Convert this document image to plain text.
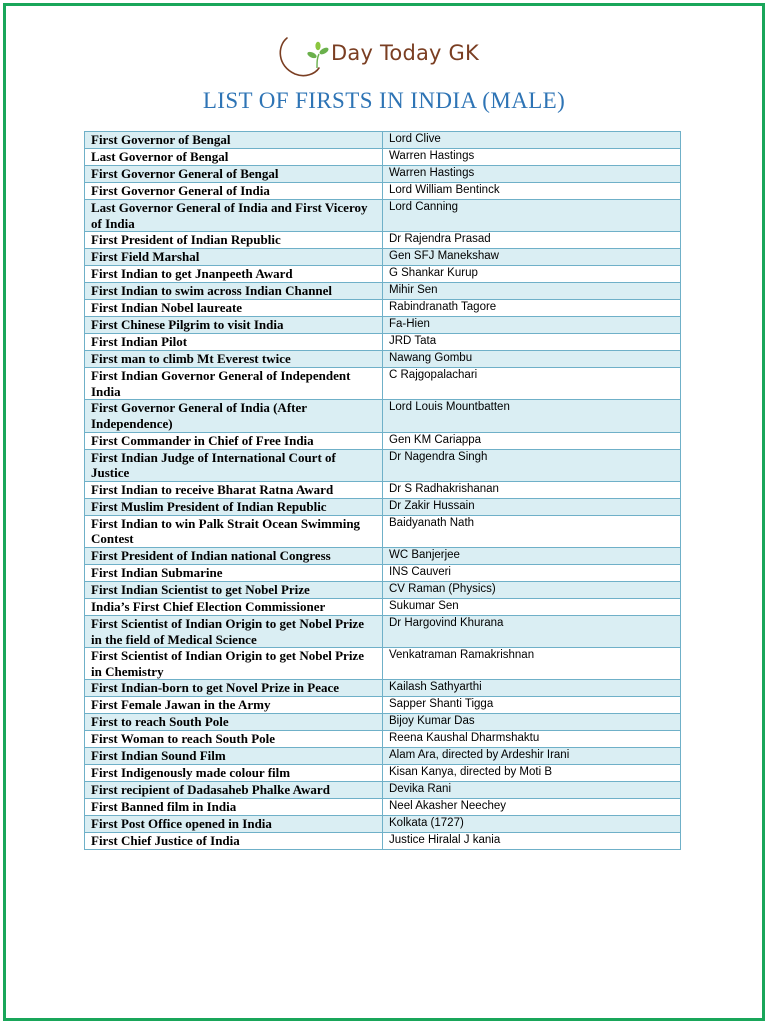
Day Today GK
LIST OF FIRSTS IN INDIA (MALE)
First Governor of Bengal	Lord Clive
Last Governor of Bengal	Warren Hastings
First Governor General of Bengal	Warren Hastings
First Governor General of India	Lord William Bentinck
Last Governor General of India and First Viceroy of India	Lord Canning
First President of Indian Republic	Dr Rajendra Prasad
First Field Marshal	Gen SFJ Manekshaw
First Indian to get Jnanpeeth Award	G Shankar Kurup
First Indian to swim across Indian Channel	Mihir Sen
First Indian Nobel laureate	Rabindranath Tagore
First Chinese Pilgrim to visit India	Fa-Hien
First Indian Pilot	JRD Tata
First man to climb Mt Everest twice	Nawang Gombu
First Indian Governor General of Independent India	C Rajgopalachari
First Governor General of India (After Independence)	Lord Louis Mountbatten
First Commander in Chief of Free India	Gen KM Cariappa
First Indian Judge of International Court of Justice	Dr Nagendra Singh
First Indian to receive Bharat Ratna Award	Dr S Radhakrishanan
First Muslim President of Indian Republic	Dr Zakir Hussain
First Indian to win Palk Strait Ocean Swimming Contest	Baidyanath Nath
First President of Indian national Congress	WC Banjerjee
First Indian Submarine	INS Cauveri
First Indian Scientist to get Nobel Prize	CV Raman (Physics)
India’s First Chief Election Commissioner	Sukumar Sen
First Scientist of Indian Origin to get Nobel Prize in the field of Medical Science	Dr Hargovind Khurana
First Scientist of Indian Origin to get Nobel Prize in Chemistry	Venkatraman Ramakrishnan
First Indian-born to get Novel Prize in Peace	Kailash Sathyarthi
First Female Jawan in the Army	Sapper Shanti Tigga
First to reach South Pole	Bijoy Kumar Das
First Woman to reach South Pole	Reena Kaushal Dharmshaktu
First Indian Sound Film	Alam Ara, directed by Ardeshir Irani
First Indigenously made colour film	Kisan Kanya, directed by Moti B
First recipient of Dadasaheb Phalke Award	Devika Rani
First Banned film in India	Neel Akasher Neechey
First Post Office opened in India	Kolkata (1727)
First Chief Justice of India	Justice Hiralal J kania
